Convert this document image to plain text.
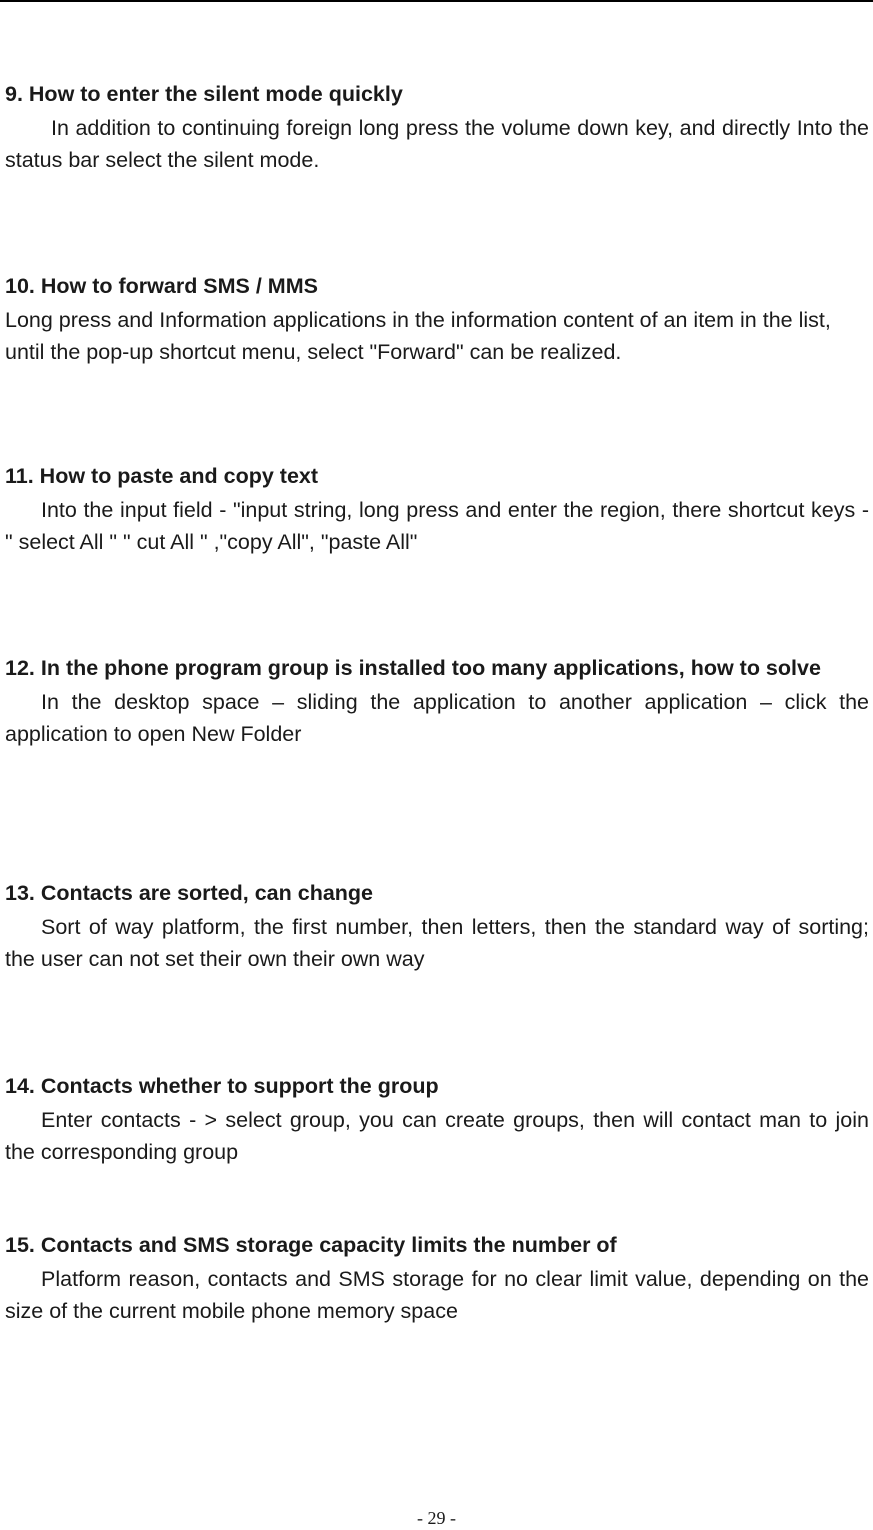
9. How to enter the silent mode quickly

In addition to continuing foreign long press the volume down key, and directly Into the status bar select the silent mode.

10. How to forward SMS / MMS

Long press and Information applications in the information content of an item in the list, until the pop-up shortcut menu, select "Forward" can be realized.

11. How to paste and copy text

Into the input field - "input string, long press and enter the region, there shortcut keys - " select All " " cut All " ,"copy All", "paste All"

12. In the phone program group is installed too many applications, how to solve

In the desktop space – sliding the application to another application – click the application to open New Folder

13. Contacts are sorted, can change

Sort of way platform, the first number, then letters, then the standard way of sorting; the user can not set their own their own way

14. Contacts whether to support the group

Enter contacts - > select group, you can create groups, then will contact man to join the corresponding group

15. Contacts and SMS storage capacity limits the number of

Platform reason, contacts and SMS storage for no clear limit value, depending on the size of the current mobile phone memory space

- 29 -
